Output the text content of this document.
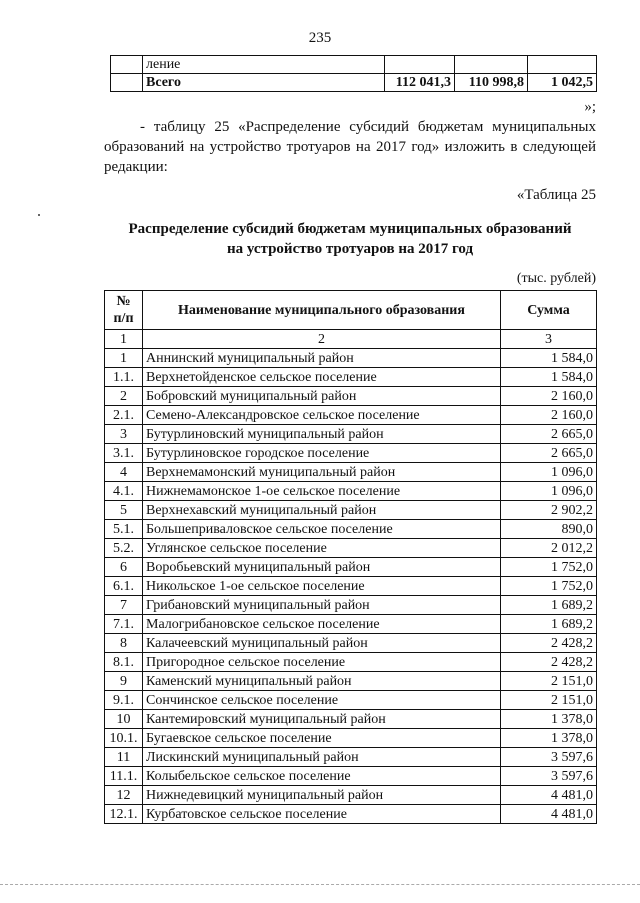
235
	ление			
	Всего	112 041,3	110 998,8	1 042,5
»;

- таблицу 25 «Распределение субсидий бюджетам муниципальных образований на устройство тротуаров на 2017 год» изложить в следующей редакции:

«Таблица 25
Распределение субсидий бюджетам муниципальных образований
на устройство тротуаров на 2017 год
(тыс. рублей)
№
п/п	Наименование муниципального образования	Сумма
1	2	3
1	Аннинский муниципальный район	1 584,0
1.1.	Верхнетойденское сельское поселение	1 584,0
2	Бобровский муниципальный район	2 160,0
2.1.	Семено-Александровское сельское поселение	2 160,0
3	Бутурлиновский муниципальный район	2 665,0
3.1.	Бутурлиновское городское поселение	2 665,0
4	Верхнемамонский муниципальный район	1 096,0
4.1.	Нижнемамонское 1-ое сельское поселение	1 096,0
5	Верхнехавский муниципальный район	2 902,2
5.1.	Большеприваловское сельское поселение	890,0
5.2.	Углянское сельское поселение	2 012,2
6	Воробьевский муниципальный район	1 752,0
6.1.	Никольское 1-ое сельское поселение	1 752,0
7	Грибановский муниципальный район	1 689,2
7.1.	Малогрибановское сельское поселение	1 689,2
8	Калачеевский муниципальный район	2 428,2
8.1.	Пригородное сельское поселение	2 428,2
9	Каменский муниципальный район	2 151,0
9.1.	Сончинское сельское поселение	2 151,0
10	Кантемировский муниципальный район	1 378,0
10.1.	Бугаевское сельское поселение	1 378,0
11	Лискинский муниципальный район	3 597,6
11.1.	Колыбельское сельское поселение	3 597,6
12	Нижнедевицкий муниципальный район	4 481,0
12.1.	Курбатовское сельское поселение	4 481,0
